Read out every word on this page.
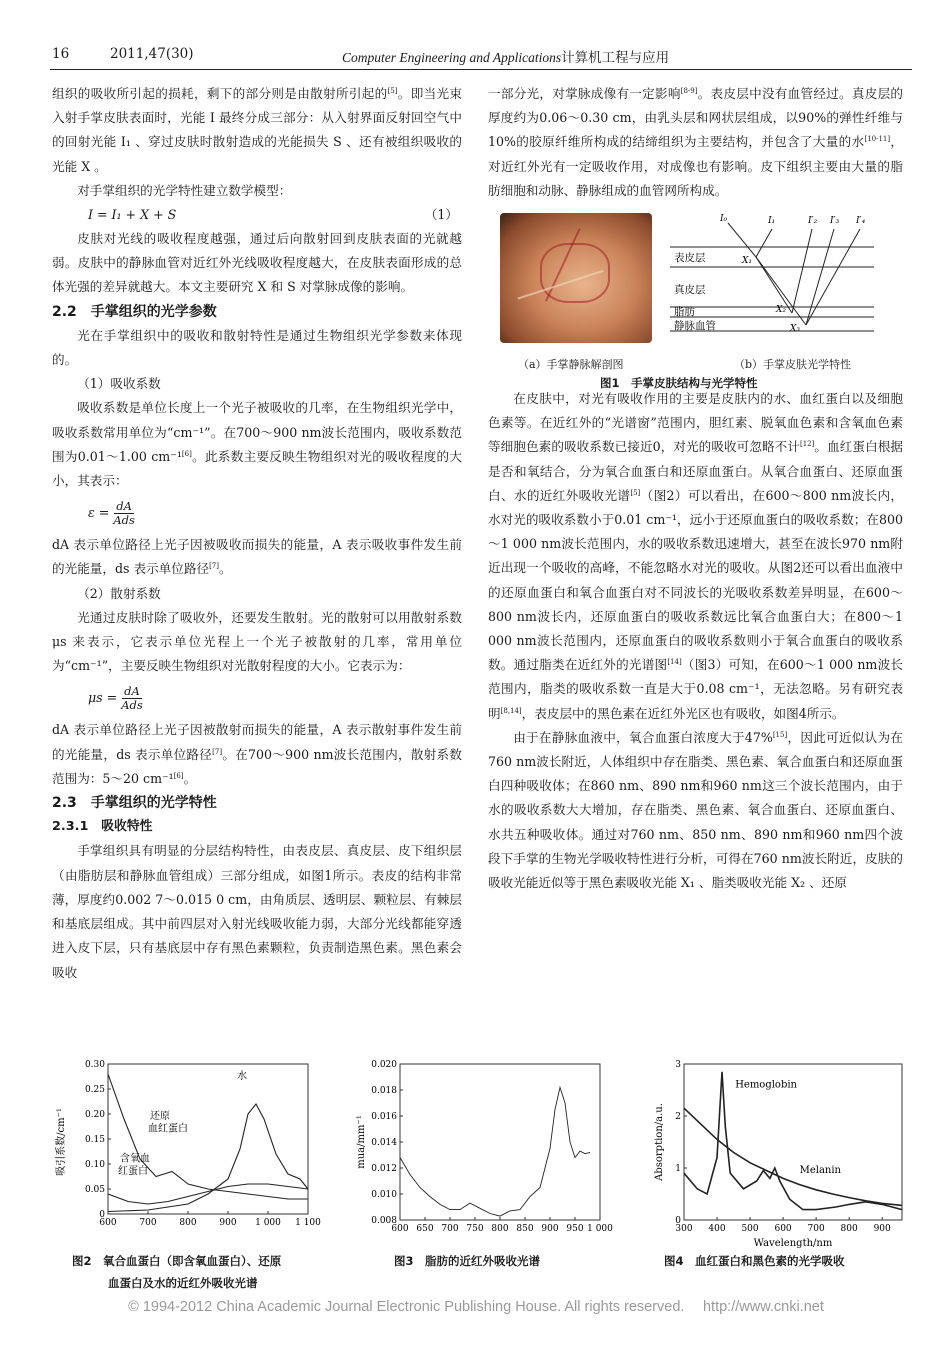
16	2011,47(30)	Computer Engineering and Applications计算机工程与应用

组织的吸收所引起的损耗，剩下的部分则是由散射所引起的[5]。即当光束入射手掌皮肤表面时，光能 I 最终分成三部分：从入射界面反射回空气中的回射光能 I₁ 、穿过皮肤时散射造成的光能损失 S 、还有被组织吸收的光能 X 。

对手掌组织的光学特性建立数学模型：

I = I₁ + X + S	（1）

皮肤对光线的吸收程度越强，通过后向散射回到皮肤表面的光就越弱。皮肤中的静脉血管对近红外光线吸收程度越大，在皮肤表面形成的总体光强的差异就越大。本文主要研究 X 和 S 对掌脉成像的影响。

2.2　手掌组织的光学参数

光在手掌组织中的吸收和散射特性是通过生物组织光学参数来体现的。

（1）吸收系数

吸收系数是单位长度上一个光子被吸收的几率，在生物组织光学中，吸收系数常用单位为“cm⁻¹”。在700～900 nm波长范围内，吸收系数范围为0.01～1.00 cm⁻¹[6]。此系数主要反映生物组织对光的吸收程度的大小，其表示：

$\varepsilon = \frac{dA}{\text{Ads}}$

dA 表示单位路径上光子因被吸收而损失的能量，A 表示吸收事件发生前的光能量，ds 表示单位路径[7]。

（2）散射系数

光通过皮肤时除了吸收外，还要发生散射。光的散射可以用散射系数 μs 来表示，它表示单位光程上一个光子被散射的几率，常用单位为“cm⁻¹”，主要反映生物组织对光散射程度的大小。它表示为：

$\mu s = \frac{dA}{\text{Ads}}$

dA 表示单位路径上光子因被散射而损失的能量，A 表示散射事件发生前的光能量，ds 表示单位路径[7]。在700～900 nm波长范围内，散射系数范围为：5～20 cm⁻¹[6]。

2.3　手掌组织的光学特性
2.3.1　吸收特性

手掌组织具有明显的分层结构特性，由表皮层、真皮层、皮下组织层（由脂肪层和静脉血管组成）三部分组成，如图1所示。表皮的结构非常薄，厚度约0.002 7～0.015 0 cm，由角质层、透明层、颗粒层、有棘层和基底层组成。其中前四层对入射光线吸收能力弱，大部分光线都能穿透进入皮下层，只有基底层中存有黑色素颗粒，负责制造黑色素。黑色素会吸收

一部分光，对掌脉成像有一定影响[8-9]。表皮层中没有血管经过。真皮层的厚度约为0.06～0.30 cm，由乳头层和网状层组成，以90%的弹性纤维与10%的胶原纤维所构成的结缔组织为主要结构，并包含了大量的水[10-11]，对近红外光有一定吸收作用，对成像也有影响。皮下组织主要由大量的脂肪细胞和动脉、静脉组成的血管网所构成。

表皮层
真皮层
脂肪
静脉血管
I₀	I₁	I′₂ I′₃ I′₄
X₁
X₂
X₃
（a）手掌静脉解剖图	（b）手掌皮肤光学特性
图1　手掌皮肤结构与光学特性

在皮肤中，对光有吸收作用的主要是皮肤内的水、血红蛋白以及细胞色素等。在近红外的“光谱窗”范围内，胆红素、脱氧血色素和含氧血色素等细胞色素的吸收系数已接近0，对光的吸收可忽略不计[12]。血红蛋白根据是否和氧结合，分为氧合血蛋白和还原血蛋白。从氧合血蛋白、还原血蛋白、水的近红外吸收光谱[5]（图2）可以看出，在600～800 nm波长内，水对光的吸收系数小于0.01 cm⁻¹，远小于还原血蛋白的吸收系数；在800～1 000 nm波长范围内，水的吸收系数迅速增大，甚至在波长970 nm附近出现一个吸收的高峰，不能忽略水对光的吸收。从图2还可以看出血液中的还原血蛋白和氧合血蛋白对不同波长的光吸收系数差异明显，在600～800 nm波长内，还原血蛋白的吸收系数远比氧合血蛋白大；在800～1 000 nm波长范围内，还原血蛋白的吸收系数则小于氧合血蛋白的吸收系数。通过脂类在近红外的光谱图[14]（图3）可知，在600～1 000 nm波长范围内，脂类的吸收系数一直是大于0.08 cm⁻¹，无法忽略。另有研究表明[8,14]，表皮层中的黑色素在近红外光区也有吸收，如图4所示。

由于在静脉血液中，氧合血蛋白浓度大于47%[15]，因此可近似认为在760 nm波长附近，人体组织中存在脂类、黑色素、氧合血蛋白和还原血蛋白四种吸收体；在860 nm、890 nm和960 nm这三个波长范围内，由于水的吸收系数大大增加，存在脂类、黑色素、氧合血蛋白、还原血蛋白、水共五种吸收体。通过对760 nm、850 nm、890 nm和960 nm四个波段下手掌的生物光学吸收特性进行分析，可得在760 nm波长附近，皮肤的吸收光能近似等于黑色素吸收光能 X₁ 、脂类吸收光能 X₂ 、还原

600	700	800	900 1 000 1 100
0
0.05
0.10
0.15
0.20
0.25
0.30
吸引系数/cm⁻¹
水
还原
血红蛋白
含氧血
红蛋白
图2　氧合血蛋白（即含氧血蛋白）、还原
血蛋白及水的近红外吸收光谱
600 650 700 750 800 850 900 950 1 000
0.008
0.010
0.012
0.014
0.016
0.018
0.020
mua/mm⁻¹
图3　脂肪的近红外吸收光谱
300 400 500 600 700 800 900
0
1
2
3
Absorption/a.u.
Wavelength/nm
Hemoglobin
Melanin
图4　血红蛋白和黑色素的光学吸收
© 1994-2012 China Academic Journal Electronic Publishing House. All rights reserved.　 http://www.cnki.net
